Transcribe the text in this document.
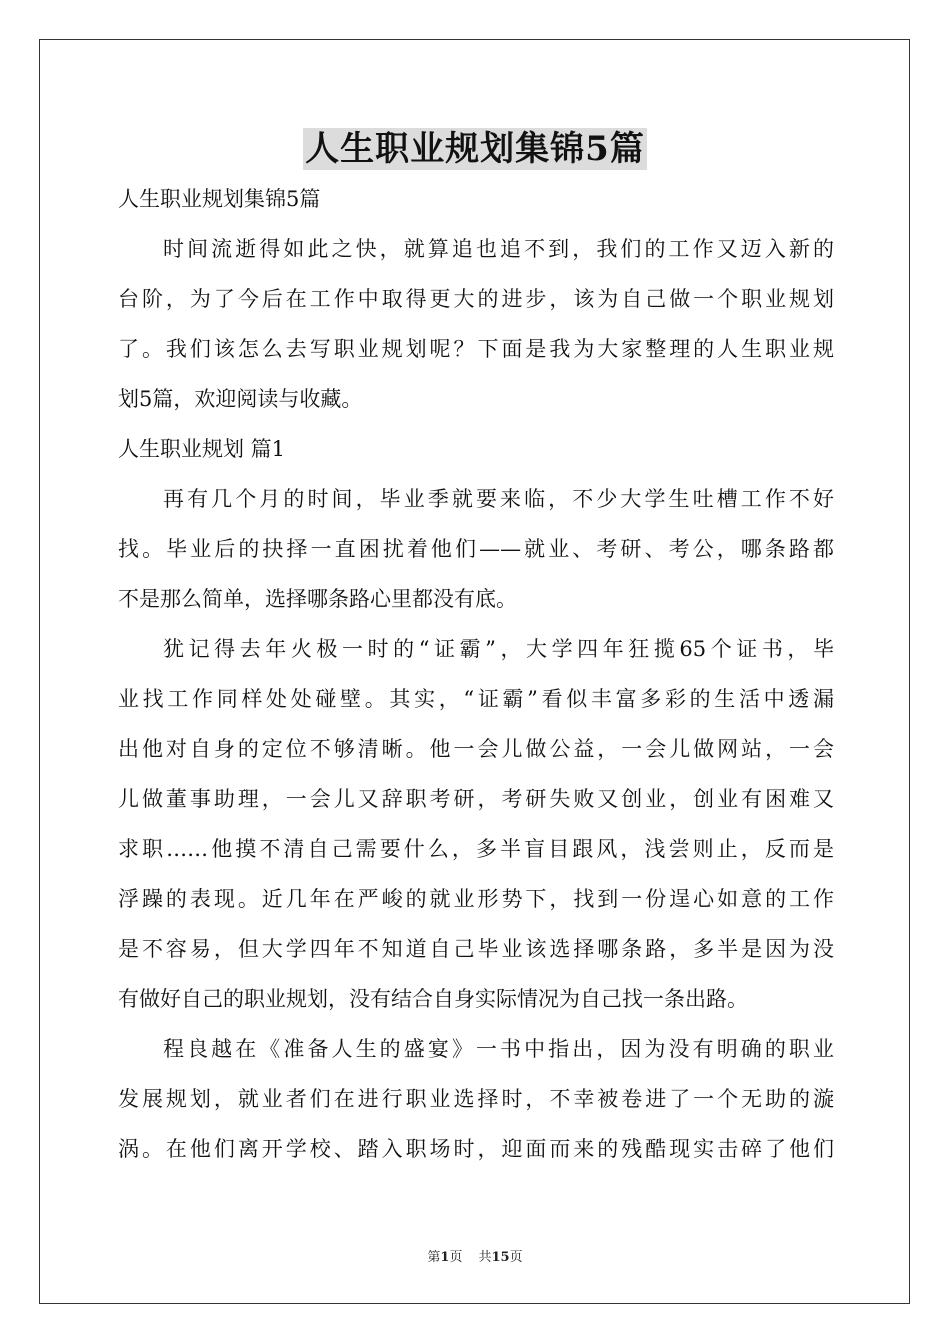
人生职业规划集锦5篇
人生职业规划集锦5篇
时间流逝得如此之快，就算追也追不到，我们的工作又迈入新的
台阶，为了今后在工作中取得更大的进步，该为自己做一个职业规划
了。我们该怎么去写职业规划呢？下面是我为大家整理的人生职业规
划5篇，欢迎阅读与收藏。
人生职业规划 篇1
再有几个月的时间，毕业季就要来临，不少大学生吐槽工作不好
找。毕业后的抉择一直困扰着他们——就业、考研、考公，哪条路都
不是那么简单，选择哪条路心里都没有底。
犹记得去年火极一时的“证霸”，大学四年狂揽65个证书，毕
业找工作同样处处碰壁。其实，“证霸”看似丰富多彩的生活中透漏
出他对自身的定位不够清晰。他一会儿做公益，一会儿做网站，一会
儿做董事助理，一会儿又辞职考研，考研失败又创业，创业有困难又
求职……他摸不清自己需要什么，多半盲目跟风，浅尝则止，反而是
浮躁的表现。近几年在严峻的就业形势下，找到一份逞心如意的工作
是不容易，但大学四年不知道自己毕业该选择哪条路，多半是因为没
有做好自己的职业规划，没有结合自身实际情况为自己找一条出路。
程良越在《准备人生的盛宴》一书中指出，因为没有明确的职业
发展规划，就业者们在进行职业选择时，不幸被卷进了一个无助的漩
涡。在他们离开学校、踏入职场时，迎面而来的残酷现实击碎了他们
第1页 共15页
